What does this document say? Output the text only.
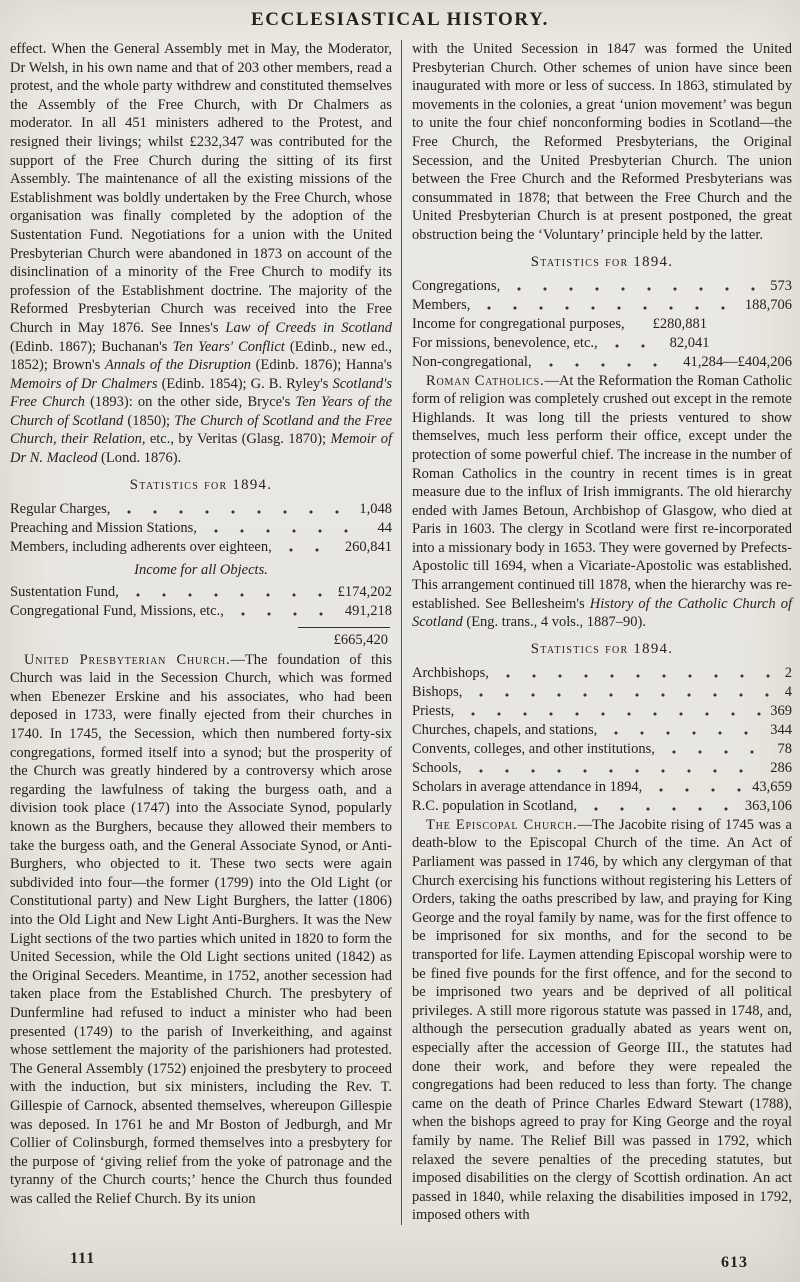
ECCLESIASTICAL HISTORY.

effect. When the General Assembly met in May, the Moderator, Dr Welsh, in his own name and that of 203 other members, read a protest, and the whole party withdrew and constituted themselves the Assembly of the Free Church, with Dr Chalmers as moderator. In all 451 ministers adhered to the Protest, and resigned their livings; whilst £232,347 was contributed for the support of the Free Church during the sitting of its first Assembly. The maintenance of all the existing missions of the Establishment was boldly undertaken by the Free Church, whose organisation was finally completed by the adoption of the Sustentation Fund. Negotiations for a union with the United Presbyterian Church were abandoned in 1873 on account of the disinclination of a minority of the Free Church to modify its profession of the Establishment doctrine. The majority of the Reformed Presbyterian Church was received into the Free Church in May 1876. See Innes's Law of Creeds in Scotland (Edinb. 1867); Buchanan's Ten Years' Conflict (Edinb., new ed., 1852); Brown's Annals of the Disruption (Edinb. 1876); Hanna's Memoirs of Dr Chalmers (Edinb. 1854); G. B. Ryley's Scotland's Free Church (1893): on the other side, Bryce's Ten Years of the Church of Scotland (1850); The Church of Scotland and the Free Church, their Relation, etc., by Veritas (Glasg. 1870); Memoir of Dr N. Macleod (Lond. 1876).

Statistics for 1894.
Regular Charges,	1,048
Preaching and Mission Stations,	44
Members, including adherents over eighteen,	260,841
Income for all Objects.
Sustentation Fund,	£174,202
Congregational Fund, Missions, etc.,	491,218
£665,420

United Presbyterian Church.—The foundation of this Church was laid in the Secession Church, which was formed when Ebenezer Erskine and his associates, who had been deposed in 1733, were finally ejected from their churches in 1740. In 1745, the Secession, which then numbered forty-six congregations, formed itself into a synod; but the prosperity of the Church was greatly hindered by a controversy which arose regarding the lawfulness of taking the burgess oath, and a division took place (1747) into the Associate Synod, popularly known as the Burghers, because they allowed their members to take the burgess oath, and the General Associate Synod, or Anti-Burghers, who objected to it. These two sects were again subdivided into four—the former (1799) into the Old Light (or Constitutional party) and New Light Burghers, the latter (1806) into the Old Light and New Light Anti-Burghers. It was the New Light sections of the two parties which united in 1820 to form the United Secession, while the Old Light sections united (1842) as the Original Seceders. Meantime, in 1752, another secession had taken place from the Established Church. The presbytery of Dunfermline had refused to induct a minister who had been presented (1749) to the parish of Inverkeithing, and against whose settlement the majority of the parishioners had protested. The General Assembly (1752) enjoined the presbytery to proceed with the induction, but six ministers, including the Rev. T. Gillespie of Carnock, absented themselves, whereupon Gillespie was deposed. In 1761 he and Mr Boston of Jedburgh, and Mr Collier of Colinsburgh, formed themselves into a presbytery for the purpose of ‘giving relief from the yoke of patronage and the tyranny of the Church courts;’ hence the Church thus founded was called the Relief Church. By its union

with the United Secession in 1847 was formed the United Presbyterian Church. Other schemes of union have since been inaugurated with more or less of success. In 1863, stimulated by movements in the colonies, a great ‘union movement’ was begun to unite the four chief nonconforming bodies in Scotland—the Free Church, the Reformed Presbyterians, the Original Secession, and the United Presbyterian Church. The union between the Free Church and the Reformed Presbyterians was consummated in 1878; that between the Free Church and the United Presbyterian Church is at present postponed, the great obstruction being the ‘Voluntary’ principle held by the latter.

Statistics for 1894.
Congregations,	573
Members,	188,706
Income for congregational purposes, £280,881
For missions, benevolence, etc.,	82,041
Non-congregational,	41,284—£404,206

Roman Catholics.—At the Reformation the Roman Catholic form of religion was completely crushed out except in the remote Highlands. It was long till the priests ventured to show themselves, much less perform their office, except under the protection of some powerful chief. The increase in the number of Roman Catholics in the country in recent times is in great measure due to the influx of Irish immigrants. The old hierarchy ended with James Betoun, Archbishop of Glasgow, who died at Paris in 1603. The clergy in Scotland were first re-incorporated into a missionary body in 1653. They were governed by Prefects-Apostolic till 1694, when a Vicariate-Apostolic was established. This arrangement continued till 1878, when the hierarchy was re-established. See Bellesheim's History of the Catholic Church of Scotland (Eng. trans., 4 vols., 1887–90).

Statistics for 1894.
Archbishops,	2
Bishops,	4
Priests,	369
Churches, chapels, and stations,	344
Convents, colleges, and other institutions,	78
Schools,	286
Scholars in average attendance in 1894,	43,659
R.C. population in Scotland,	363,106

The Episcopal Church.—The Jacobite rising of 1745 was a death-blow to the Episcopal Church of the time. An Act of Parliament was passed in 1746, by which any clergyman of that Church exercising his functions without registering his Letters of Orders, taking the oaths prescribed by law, and praying for King George and the royal family by name, was for the first offence to be imprisoned for six months, and for the second to be transported for life. Laymen attending Episcopal worship were to be fined five pounds for the first offence, and for the second to be imprisoned two years and be deprived of all political privileges. A still more rigorous statute was passed in 1748, and, although the persecution gradually abated as years went on, especially after the accession of George III., the statutes had done their work, and before they were repealed the congregations had been reduced to less than forty. The change came on the death of Prince Charles Edward Stewart (1788), when the bishops agreed to pray for King George and the royal family by name. The Relief Bill was passed in 1792, which relaxed the severe penalties of the preceding statutes, but imposed disabilities on the clergy of Scottish ordination. An act passed in 1840, while relaxing the disabilities imposed in 1792, imposed others with

111	613
